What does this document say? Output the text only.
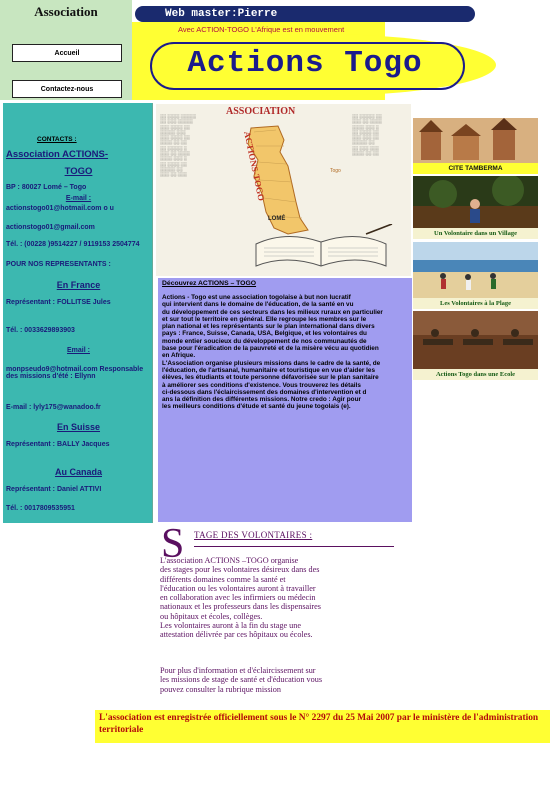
Association
Accueil
Contactez-nous
Web master:Pierre
Avec ACTION-TOGO L'Afrique est en mouvement
Actions Togo
CONTACTS :
Association ACTIONS-
TOGO
BP : 80027 Lomé – Togo
E-mail :
actionstogo01@hotmail.com o u
actionstogo01@gmail.com
Tél. : (00228 )9514227 / 9119153 2504774
POUR NOS REPRESENTANTS :
En France
Représentant : FOLLITSE Jules
Tél. : 0033629893903
Email :
monpseudo9@hotmail.com Responsable des missions d'été : Ellynn
E-mail : lyly175@wanadoo.fr
En Suisse
Représentant : BALLY Jacques
Au Canada
Représentant : Daniel ATTIVI
Tél. : 0017809535951
░░ ░░░░ ░░░░░
░░ ░░░ ░░░░░
░░░ ░░░░ ░░
░░░░░ ░░░
░░░ ░░░░ ░░
░░░░ ░░ ░░
░░ ░░░░░ ░
░░░ ░░ ░░░░
░░░░ ░░░ ░
░░ ░░░░ ░░
░░░░░ ░░
░░░ ░░ ░░░
░░ ░░░░░ ░░
░░░ ░░ ░░░░
░░░░ ░░░ ░
░░ ░░░░ ░░
░░░ ░░░ ░░
░░░░░ ░░
░░ ░░░ ░░░
░░░░ ░░ ░░
ASSOCIATION
LOMÉ
Togo
ACTIONS-TOGO	CITE TAMBERMA
Un Volontaire dans un Village
Les Volontaires à la Plage
Actions Togo dans une Ecole

Découvrez ACTIONS – TOGO

Actions - Togo est une association togolaise à but non lucratif
qui intervient dans le domaine de l'éducation, de la santé en vu
du développement de ces secteurs dans les milieux ruraux en particulier
et sur tout le territoire en général. Elle regroupe les membres sur le
plan national et les représentants sur le plan international dans divers
pays : France, Suisse, Canada, USA, Belgique, et les volontaires du
monde entier soucieux du développement de nos communautés de
base pour l'éradication de la pauvreté et de la misère vécu au quotidien
en Afrique.
L'Association organise plusieurs missions dans le cadre de la santé, de
l'éducation, de l'artisanal, humanitaire et touristique en vue d'aider les
élèves, les étudiants et toute personne défavorisée sur le plan sanitaire
à améliorer ses conditions d'existence. Vous trouverez les détails
ci-dessous dans l'éclaircissement des domaines d'intervention et d
ans la définition des différentes missions. Notre credo : Agir pour
les meilleurs conditions d'étude et santé du jeune togolais (e).

S TAGE DES VOLONTAIRES :

L'association ACTIONS –TOGO organise
des stages pour les volontaires désireux dans des
différents domaines comme la santé et
l'éducation ou les volontaires auront à travailler
en collaboration avec les infirmiers ou médecin
nationaux et les professeurs dans les dispensaires
ou hôpitaux et écoles, collèges.
Les volontaires auront à la fin du stage une
attestation délivrée par ces hôpitaux ou écoles.

Pour plus d'information et d'éclaircissement sur
les missions de stage de santé et d'éducation vous
pouvez consulter la rubrique mission

L'association est enregistrée officiellement sous le N° 2297 du 25 Mai 2007 par le ministère de l'administration territoriale
